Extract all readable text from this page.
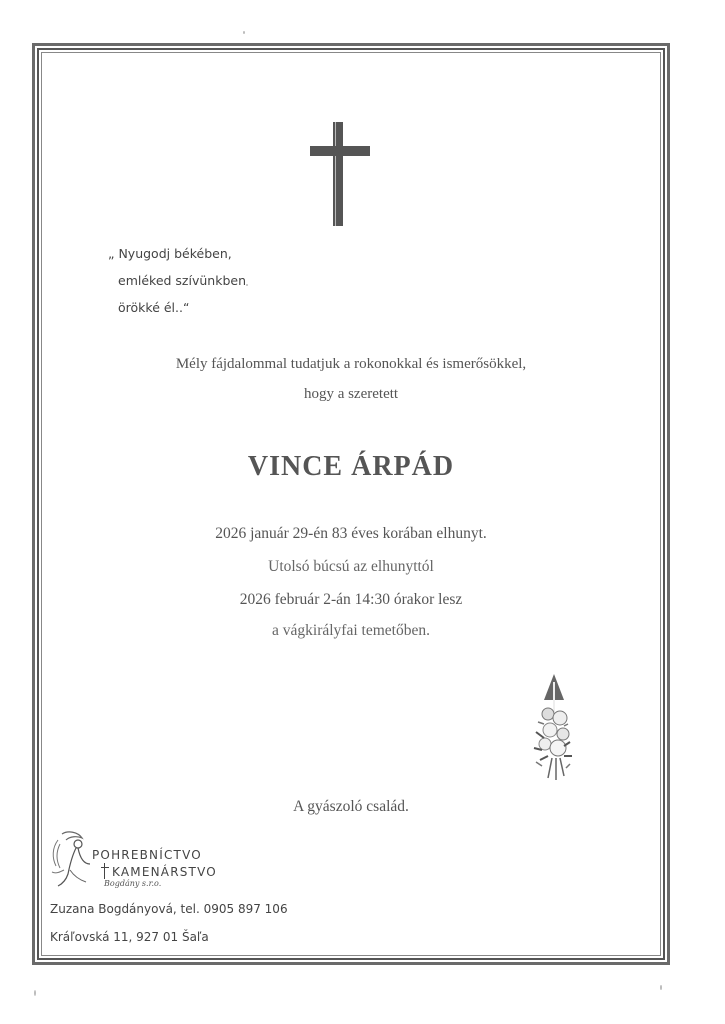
„ Nyugodj békében,
emléked szívünkben
örökké él..“
Mély fájdalommal tudatjuk a rokonokkal és ismerősökkel,
hogy a szeretett
VINCE ÁRPÁD
2026 január 29-én 83 éves korában elhunyt.
Utolsó búcsú az elhunyttól
2026 február 2-án 14:30 órakor lesz
a vágkirályfai temetőben.
A gyászoló család.
POHREBNÍCTVO
KAMENÁRSTVO
Bogdány s.r.o.
Zuzana Bogdányová, tel. 0905 897 106
Kráľovská 11, 927 01 Šaľa
